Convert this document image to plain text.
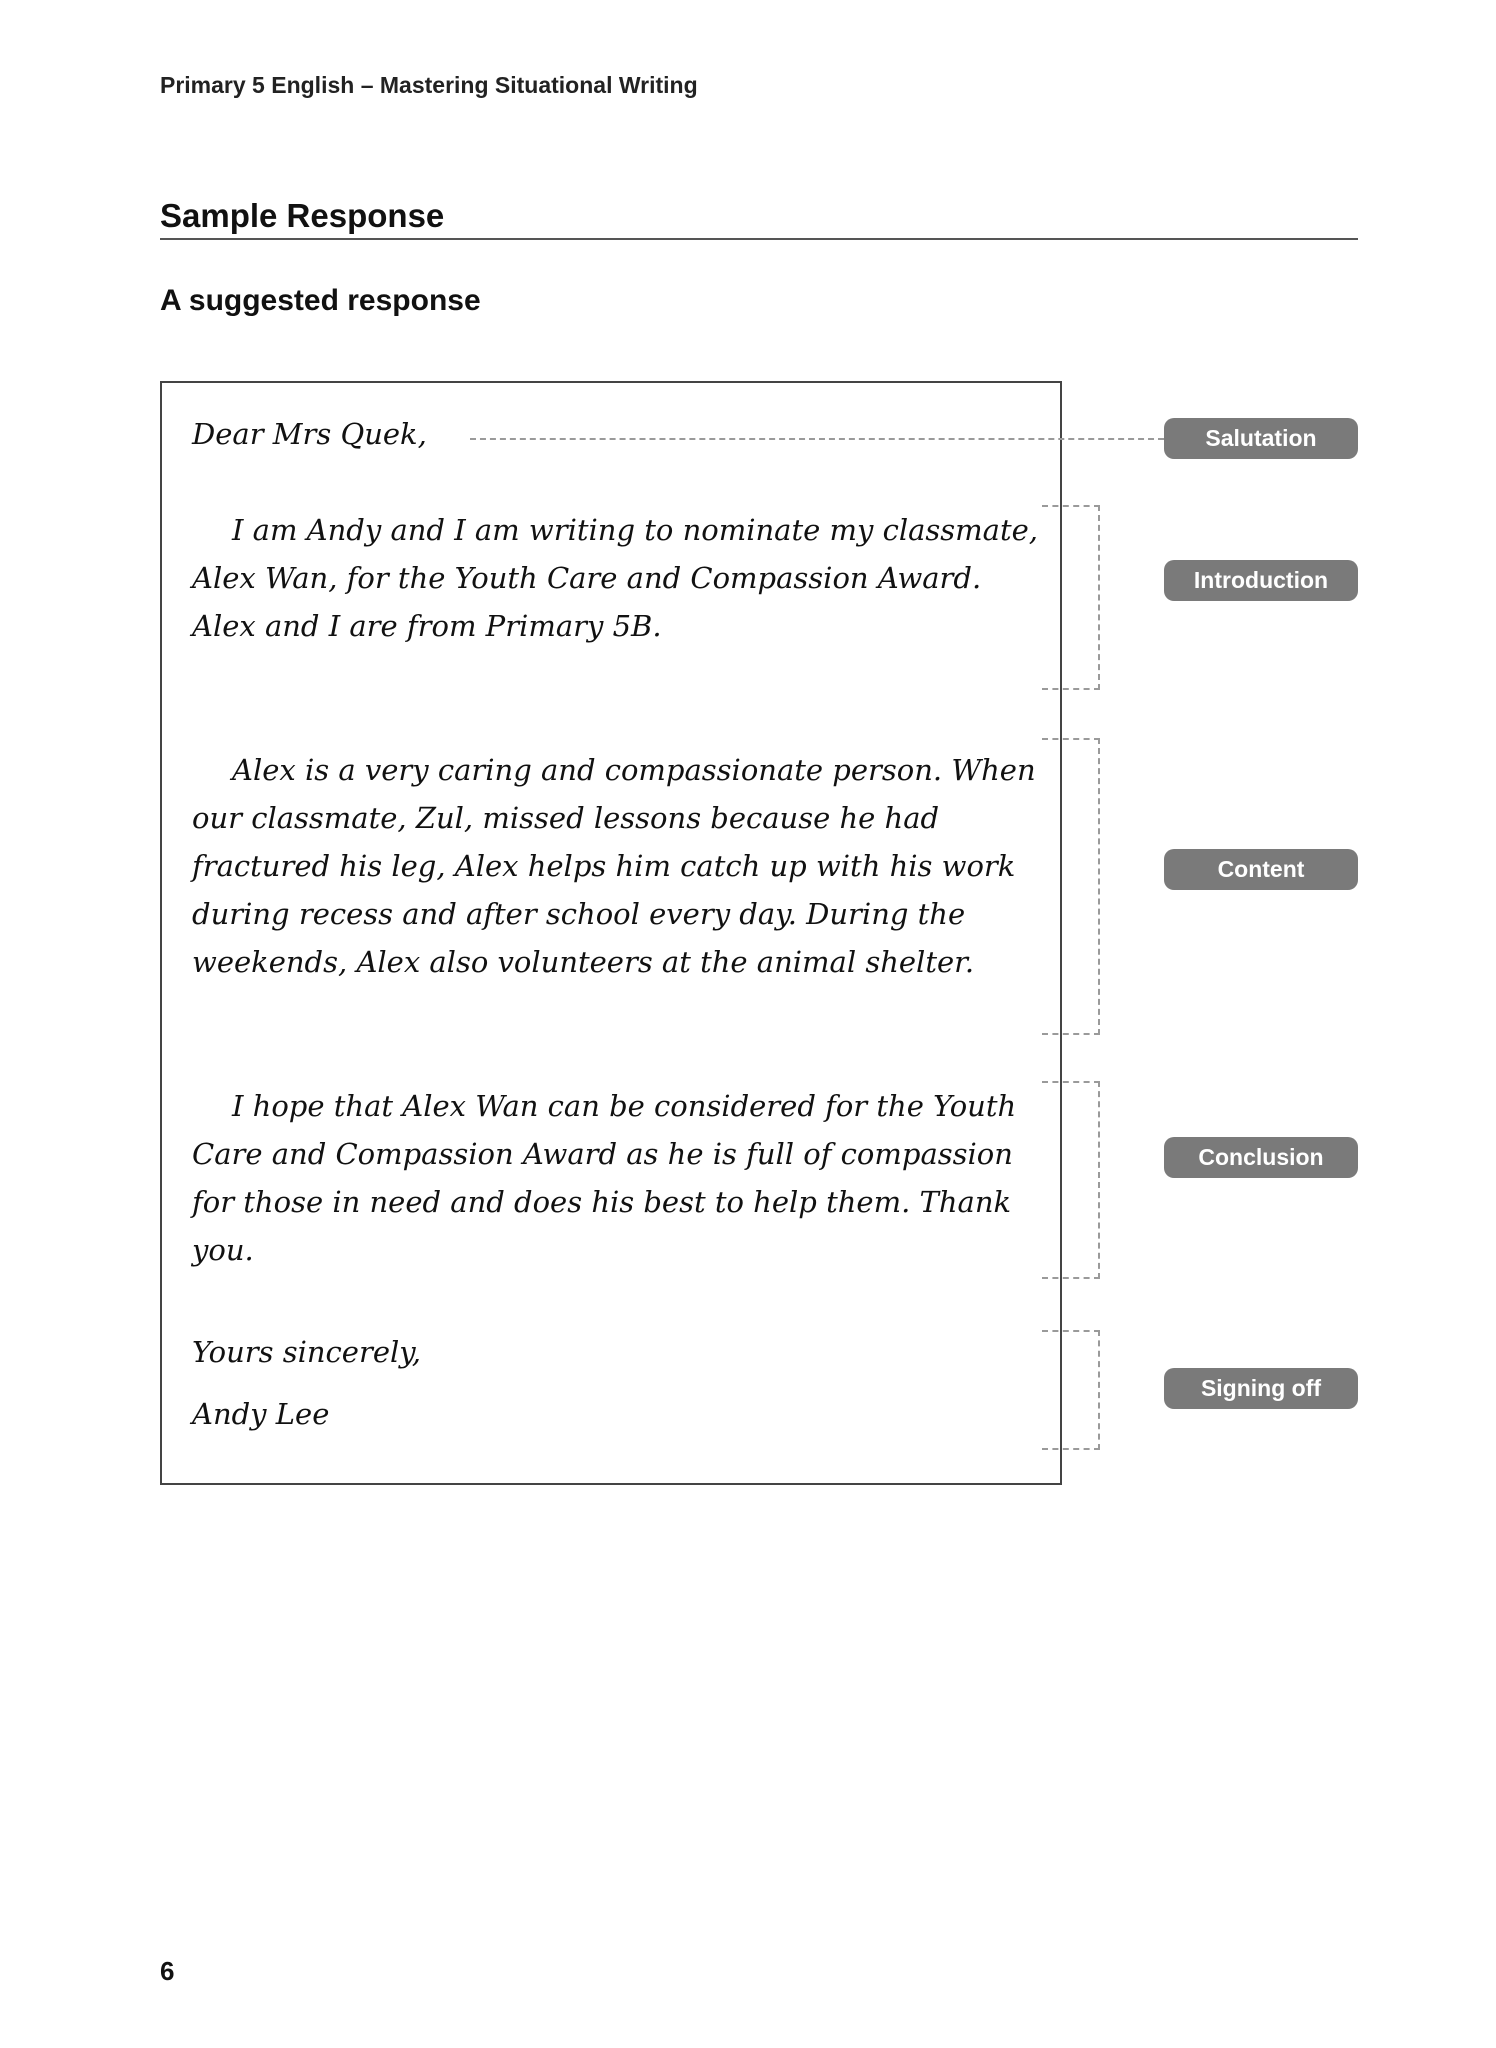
Primary 5 English – Mastering Situational Writing
Sample Response
A suggested response
Dear Mrs Quek,
I am Andy and I am writing to nominate my classmate, Alex Wan, for the Youth Care and Compassion Award. Alex and I are from Primary 5B.
Alex is a very caring and compassionate person. When our classmate, Zul, missed lessons because he had fractured his leg, Alex helps him catch up with his work during recess and after school every day. During the weekends, Alex also volunteers at the animal shelter.
I hope that Alex Wan can be considered for the Youth Care and Compassion Award as he is full of compassion for those in need and does his best to help them. Thank you.
Yours sincerely,
Andy Lee
Salutation
Introduction
Content
Conclusion
Signing off
6
